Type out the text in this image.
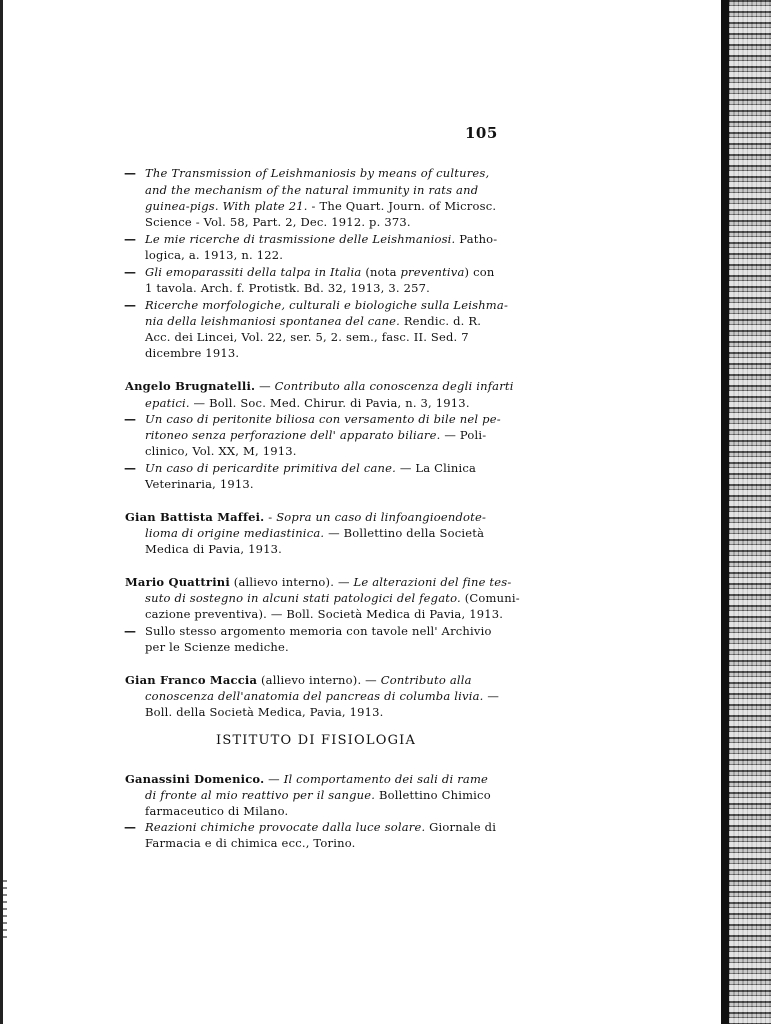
105
— The Transmission of Leishmaniosis by means of cultures,
and the mechanism of the natural immunity in rats and
guinea-pigs. With plate 21. - The Quart. Journ. of Microsc.
Science - Vol. 58, Part. 2, Dec. 1912. p. 373.
— Le mie ricerche di trasmissione delle Leishmaniosi. Patho-
logica, a. 1913, n. 122.
— Gli emoparassiti della talpa in Italia (nota preventiva) con
1 tavola. Arch. f. Protistk. Bd. 32, 1913, 3. 257.
— Ricerche morfologiche, culturali e biologiche sulla Leishma-
nia della leishmaniosi spontanea del cane. Rendic. d. R.
Acc. dei Lincei, Vol. 22, ser. 5, 2. sem., fasc. II. Sed. 7
dicembre 1913.
Angelo Brugnatelli. — Contributo alla conoscenza degli infarti
epatici. — Boll. Soc. Med. Chirur. di Pavia, n. 3, 1913.
— Un caso di peritonite biliosa con versamento di bile nel pe-
ritoneo senza perforazione dell' apparato biliare. — Poli-
clinico, Vol. XX, M, 1913.
— Un caso di pericardite primitiva del cane. — La Clinica
Veterinaria, 1913.
Gian Battista Maffei. - Sopra un caso di linfoangioendote-
lioma di origine mediastinica. — Bollettino della Società
Medica di Pavia, 1913.
Mario Quattrini (allievo interno). — Le alterazioni del fine tes-
suto di sostegno in alcuni stati patologici del fegato. (Comuni-
cazione preventiva). — Boll. Società Medica di Pavia, 1913.
— Sullo stesso argomento memoria con tavole nell' Archivio
per le Scienze mediche.
Gian Franco Maccia (allievo interno). — Contributo alla
conoscenza dell'anatomia del pancreas di columba livia. —
Boll. della Società Medica, Pavia, 1913.
ISTITUTO DI FISIOLOGIA
Ganassini Domenico. — Il comportamento dei sali di rame
di fronte al mio reattivo per il sangue. Bollettino Chimico
farmaceutico di Milano.
— Reazioni chimiche provocate dalla luce solare. Giornale di
Farmacia e di chimica ecc., Torino.
